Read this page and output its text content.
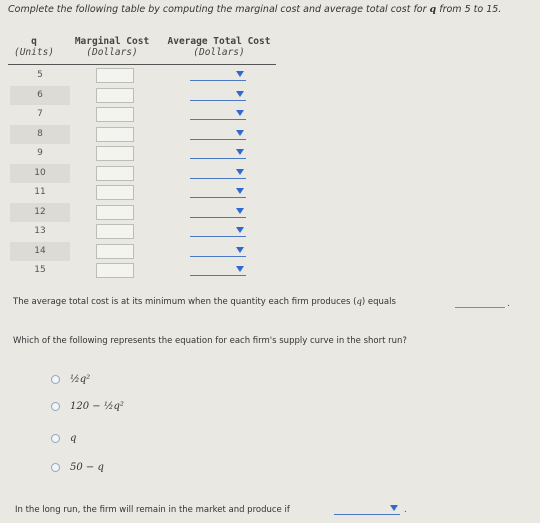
Complete the following table by computing the marginal cost and average total cost for q from 5 to 15.
q
(Units)
Marginal Cost
(Dollars)
Average Total Cost
(Dollars)
5
6
7
8
9
10
11
12
13
14
15
The average total cost is at its minimum when the quantity each firm produces (q) equals	.
Which of the following represents the equation for each firm's supply curve in the short run?
½q²
120 − ½q²
q
50 − q
In the long run, the firm will remain in the market and produce if	.
